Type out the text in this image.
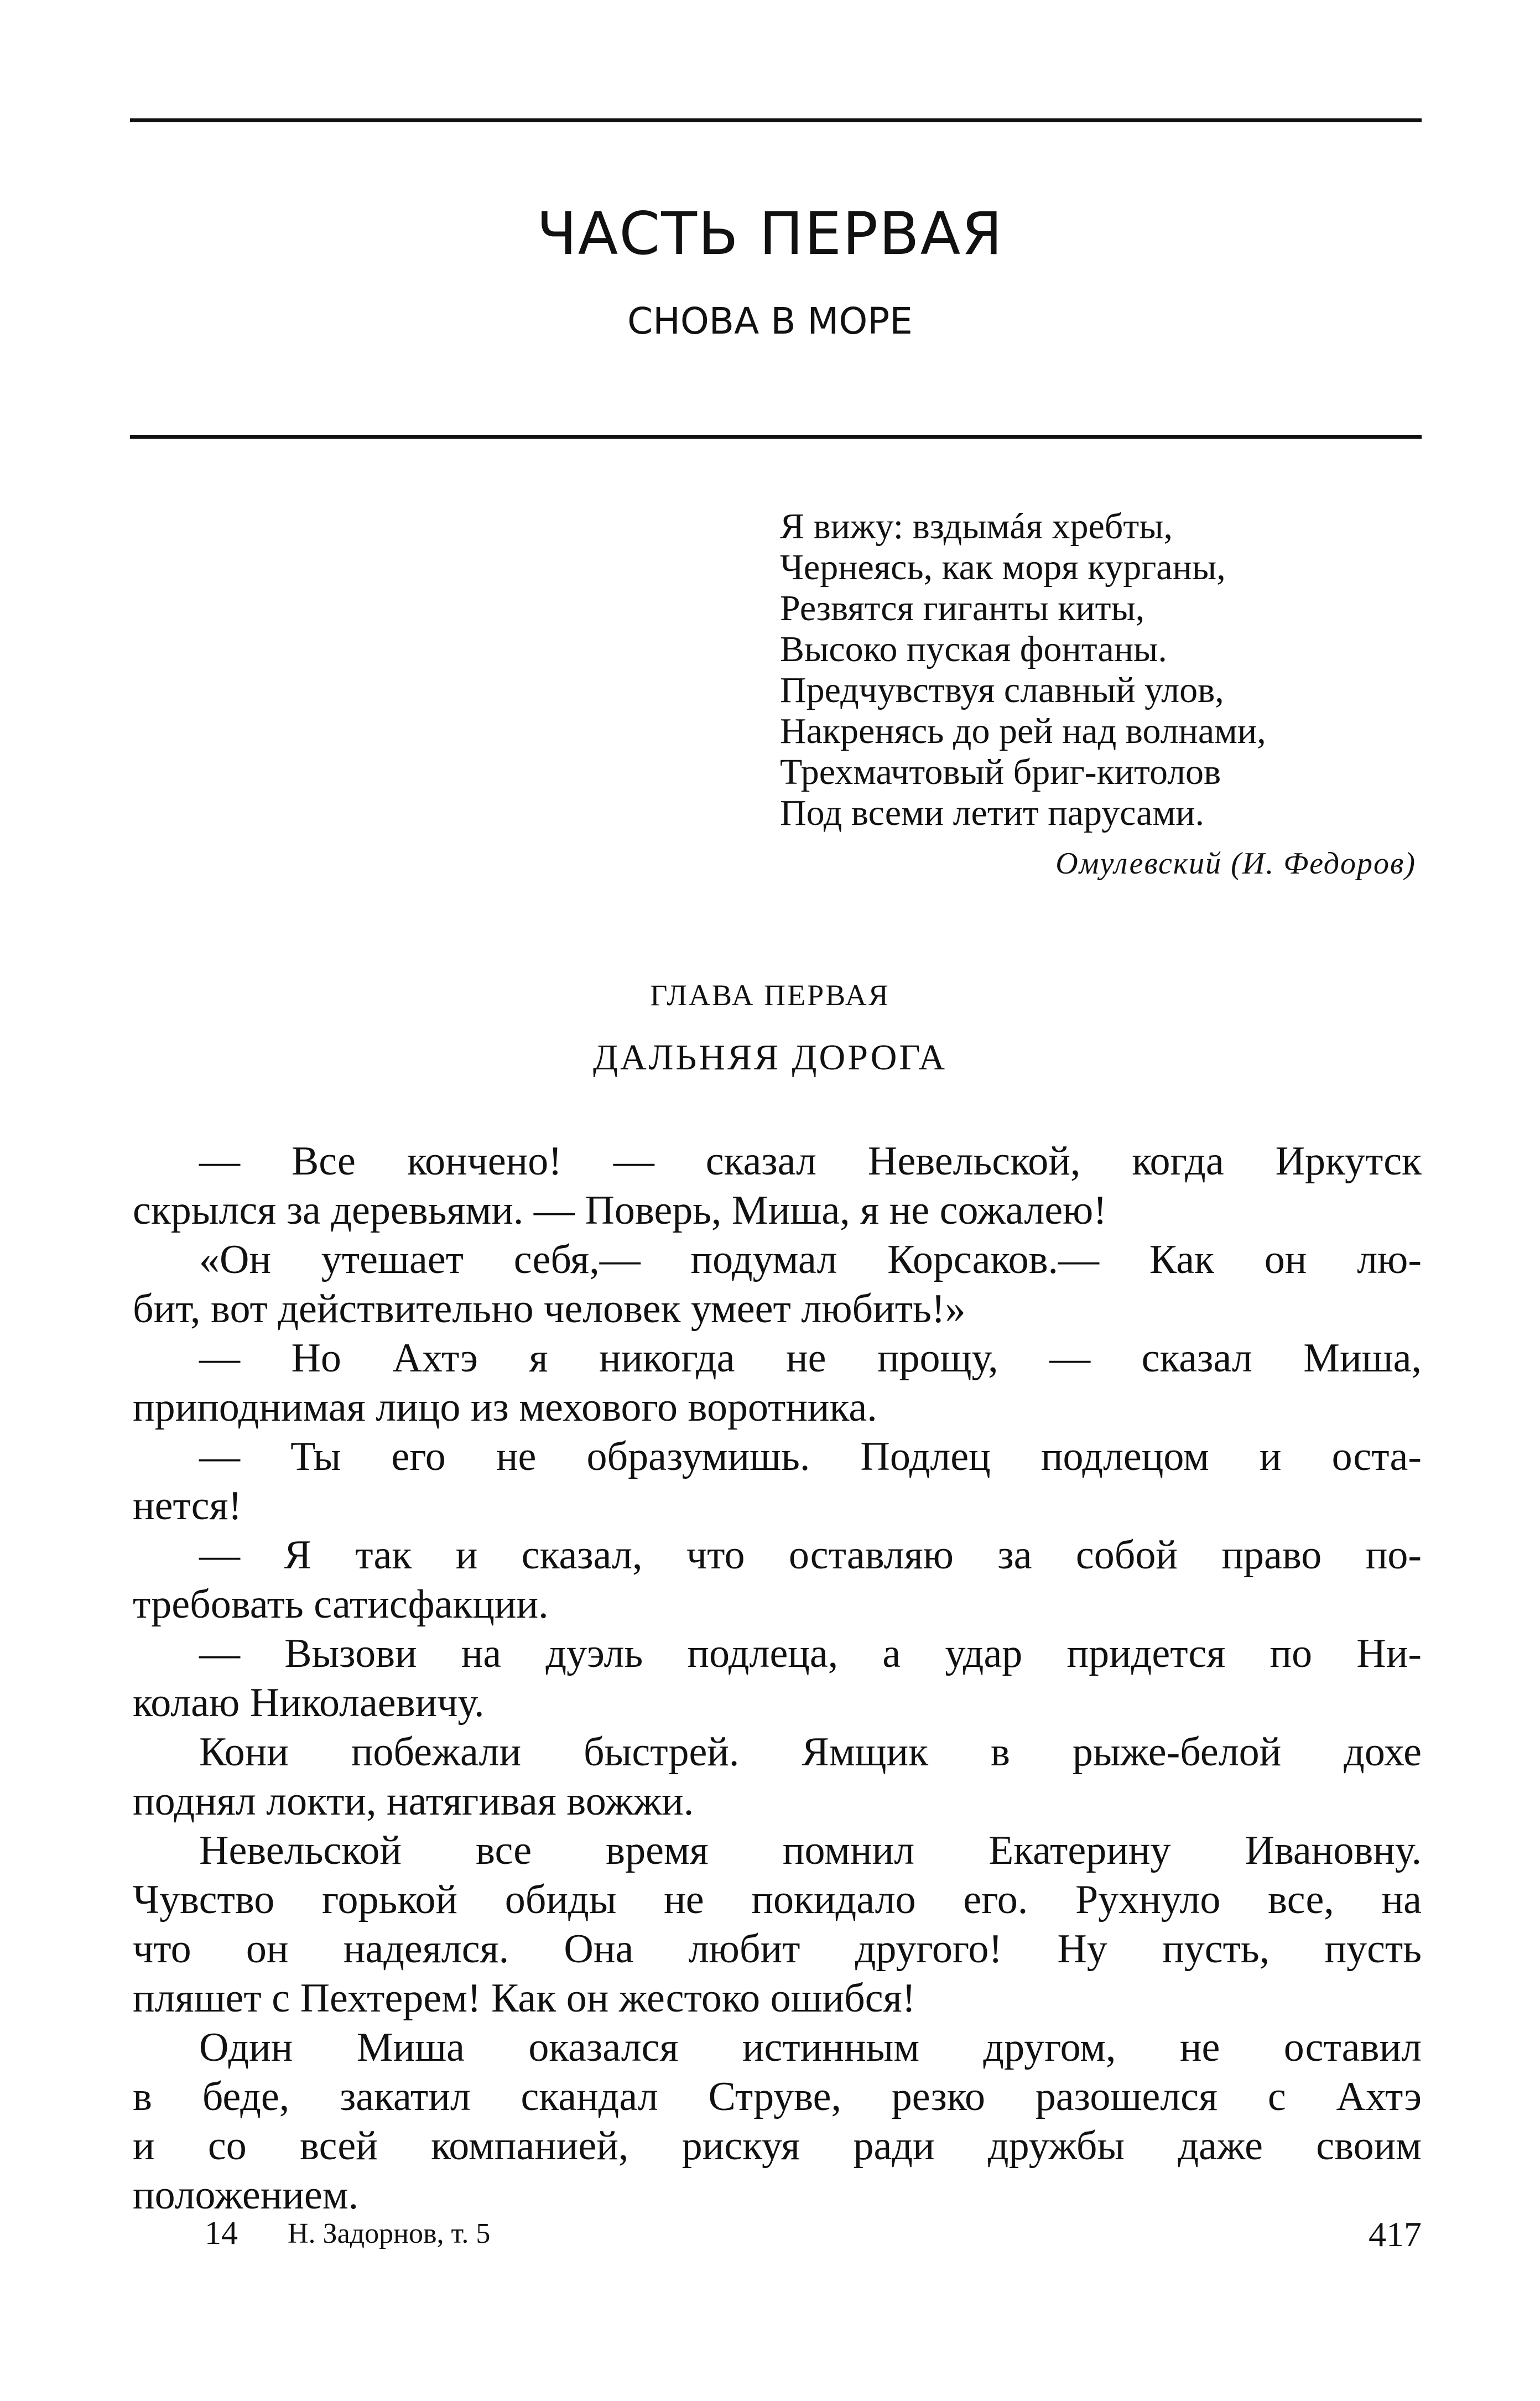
ЧАСТЬ ПЕРВАЯ
СНОВА В МОРЕ
Я вижу: вздымáя хребты,
Чернеясь, как моря курганы,
Резвятся гиганты киты,
Высоко пуская фонтаны.
Предчувствуя славный улов,
Накренясь до рей над волнами,
Трехмачтовый бриг-китолов
Под всеми летит парусами.
Омулевский (И. Федоров)
ГЛАВА ПЕРВАЯ
ДАЛЬНЯЯ ДОРОГА
— Все кончено! — сказал Невельской, когда Иркутск
скрылся за деревьями. — Поверь, Миша, я не сожалею!
«Он утешает себя,— подумал Корсаков.— Как он лю-
бит, вот действительно человек умеет любить!»
— Но Ахтэ я никогда не прощу, — сказал Миша,
приподнимая лицо из мехового воротника.
— Ты его не образумишь. Подлец подлецом и оста-
нется!
— Я так и сказал, что оставляю за собой право по-
требовать сатисфакции.
— Вызови на дуэль подлеца, а удар придется по Ни-
колаю Николаевичу.
Кони побежали быстрей. Ямщик в рыже-белой дохе
поднял локти, натягивая вожжи.
Невельской все время помнил Екатерину Ивановну.
Чувство горькой обиды не покидало его. Рухнуло все, на
что он надеялся. Она любит другого! Ну пусть, пусть
пляшет с Пехтерем! Как он жестоко ошибся!
Один Миша оказался истинным другом, не оставил
в беде, закатил скандал Струве, резко разошелся с Ахтэ
и со всей компанией, рискуя ради дружбы даже своим
положением.
14 Н. Задорнов, т. 5	417
